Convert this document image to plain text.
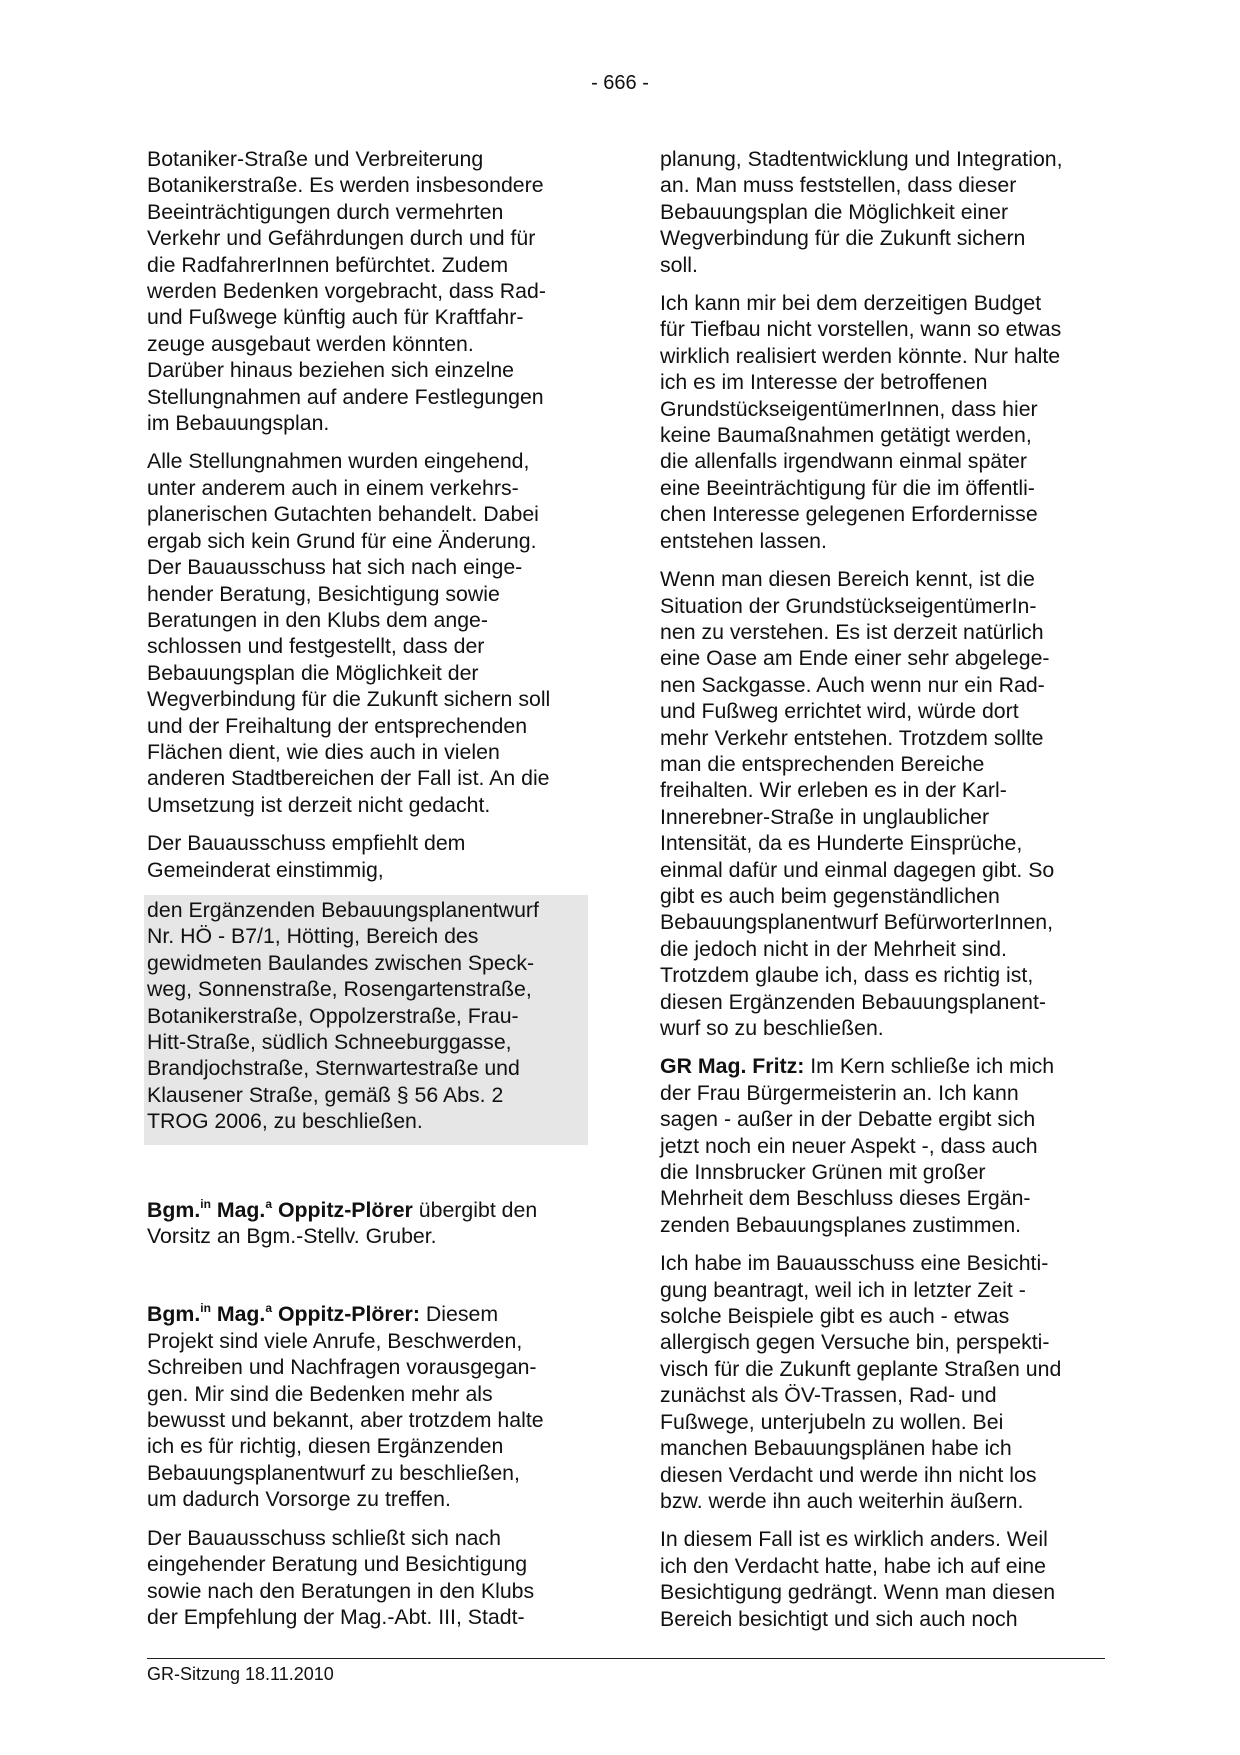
- 666 -
Botaniker-Straße und Verbreiterung
Botanikerstraße. Es werden insbesondere
Beeinträchtigungen durch vermehrten
Verkehr und Gefährdungen durch und für
die RadfahrerInnen befürchtet. Zudem
werden Bedenken vorgebracht, dass Rad-
und Fußwege künftig auch für Kraftfahr-
zeuge ausgebaut werden könnten.
Darüber hinaus beziehen sich einzelne
Stellungnahmen auf andere Festlegungen
im Bebauungsplan.
Alle Stellungnahmen wurden eingehend,
unter anderem auch in einem verkehrs-
planerischen Gutachten behandelt. Dabei
ergab sich kein Grund für eine Änderung.
Der Bauausschuss hat sich nach einge-
hender Beratung, Besichtigung sowie
Beratungen in den Klubs dem ange-
schlossen und festgestellt, dass der
Bebauungsplan die Möglichkeit der
Wegverbindung für die Zukunft sichern soll
und der Freihaltung der entsprechenden
Flächen dient, wie dies auch in vielen
anderen Stadtbereichen der Fall ist. An die
Umsetzung ist derzeit nicht gedacht.
Der Bauausschuss empfiehlt dem
Gemeinderat einstimmig,
den Ergänzenden Bebauungsplanentwurf
Nr. HÖ - B7/1, Hötting, Bereich des
gewidmeten Baulandes zwischen Speck-
weg, Sonnenstraße, Rosengartenstraße,
Botanikerstraße, Oppolzerstraße, Frau-
Hitt-Straße, südlich Schneeburggasse,
Brandjochstraße, Sternwartestraße und
Klausener Straße, gemäß § 56 Abs. 2
TROG 2006, zu beschließen.
Bgm.$^{in}$ Mag.$^a$ Oppitz-Plörer übergibt den
Vorsitz an Bgm.-Stellv. Gruber.
Bgm.$^{in}$ Mag.$^a$ Oppitz-Plörer: Diesem
Projekt sind viele Anrufe, Beschwerden,
Schreiben und Nachfragen vorausgegan-
gen. Mir sind die Bedenken mehr als
bewusst und bekannt, aber trotzdem halte
ich es für richtig, diesen Ergänzenden
Bebauungsplanentwurf zu beschließen,
um dadurch Vorsorge zu treffen.
Der Bauausschuss schließt sich nach
eingehender Beratung und Besichtigung
sowie nach den Beratungen in den Klubs
der Empfehlung der Mag.-Abt. III, Stadt-
planung, Stadtentwicklung und Integration,
an. Man muss feststellen, dass dieser
Bebauungsplan die Möglichkeit einer
Wegverbindung für die Zukunft sichern
soll.
Ich kann mir bei dem derzeitigen Budget
für Tiefbau nicht vorstellen, wann so etwas
wirklich realisiert werden könnte. Nur halte
ich es im Interesse der betroffenen
GrundstückseigentümerInnen, dass hier
keine Baumaßnahmen getätigt werden,
die allenfalls irgendwann einmal später
eine Beeinträchtigung für die im öffentli-
chen Interesse gelegenen Erfordernisse
entstehen lassen.
Wenn man diesen Bereich kennt, ist die
Situation der GrundstückseigentümerIn-
nen zu verstehen. Es ist derzeit natürlich
eine Oase am Ende einer sehr abgelege-
nen Sackgasse. Auch wenn nur ein Rad-
und Fußweg errichtet wird, würde dort
mehr Verkehr entstehen. Trotzdem sollte
man die entsprechenden Bereiche
freihalten. Wir erleben es in der Karl-
Innerebner-Straße in unglaublicher
Intensität, da es Hunderte Einsprüche,
einmal dafür und einmal dagegen gibt. So
gibt es auch beim gegenständlichen
Bebauungsplanentwurf BefürworterInnen,
die jedoch nicht in der Mehrheit sind.
Trotzdem glaube ich, dass es richtig ist,
diesen Ergänzenden Bebauungsplanent-
wurf so zu beschließen.
GR Mag. Fritz: Im Kern schließe ich mich
der Frau Bürgermeisterin an. Ich kann
sagen - außer in der Debatte ergibt sich
jetzt noch ein neuer Aspekt -, dass auch
die Innsbrucker Grünen mit großer
Mehrheit dem Beschluss dieses Ergän-
zenden Bebauungsplanes zustimmen.
Ich habe im Bauausschuss eine Besichti-
gung beantragt, weil ich in letzter Zeit -
solche Beispiele gibt es auch - etwas
allergisch gegen Versuche bin, perspekti-
visch für die Zukunft geplante Straßen und
zunächst als ÖV-Trassen, Rad- und
Fußwege, unterjubeln zu wollen. Bei
manchen Bebauungsplänen habe ich
diesen Verdacht und werde ihn nicht los
bzw. werde ihn auch weiterhin äußern.
In diesem Fall ist es wirklich anders. Weil
ich den Verdacht hatte, habe ich auf eine
Besichtigung gedrängt. Wenn man diesen
Bereich besichtigt und sich auch noch
GR-Sitzung 18.11.2010
